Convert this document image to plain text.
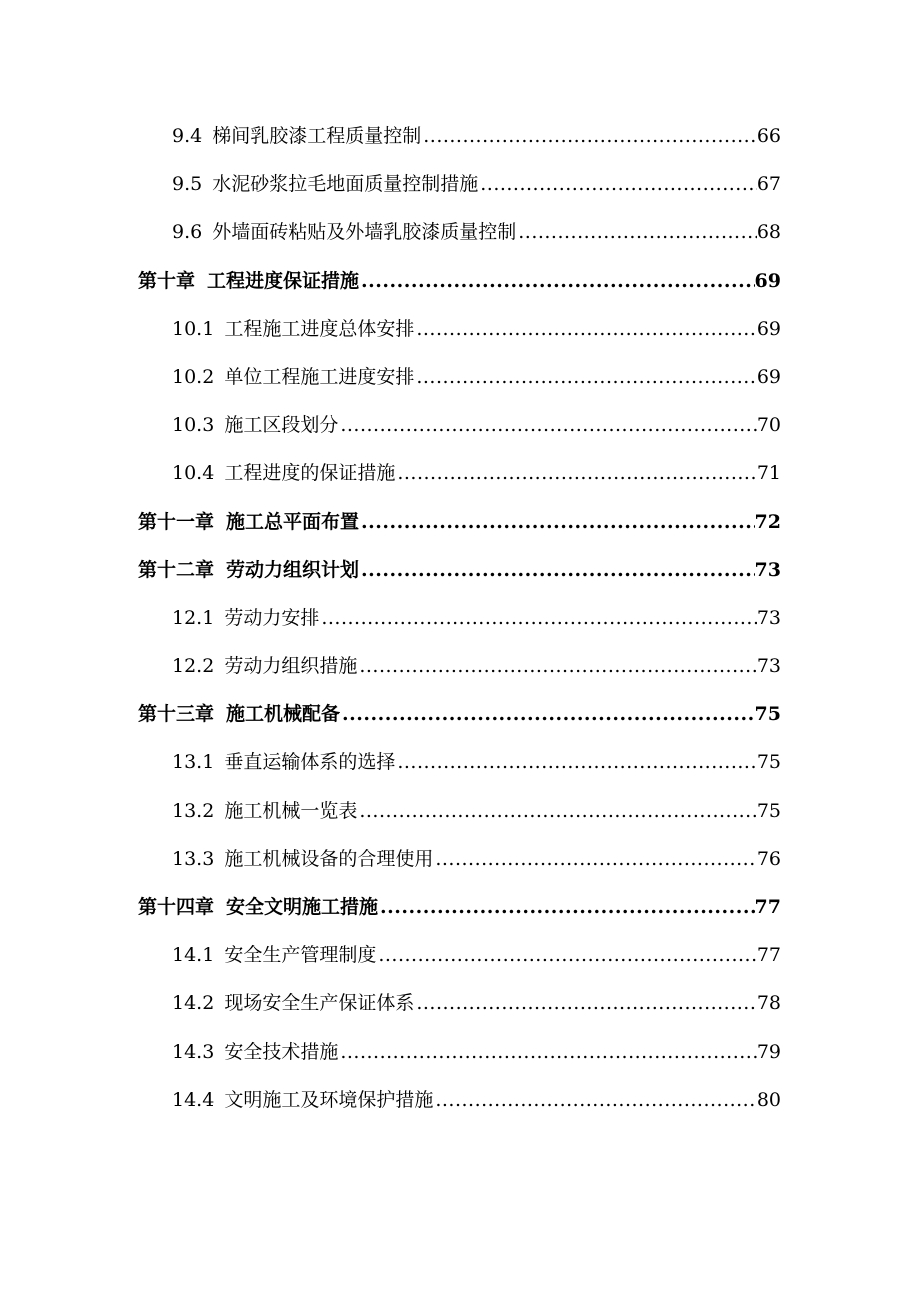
9.4 梯间乳胶漆工程质量控制 .....	66
9.5 水泥砂浆拉毛地面质量控制措施 .....	67
9.6 外墙面砖粘贴及外墙乳胶漆质量控制 .....	68
第十章 工程进度保证措施 .....	69
10.1 工程施工进度总体安排 .....	69
10.2 单位工程施工进度安排 .....	69
10.3 施工区段划分 .....	70
10.4 工程进度的保证措施 .....	71
第十一章 施工总平面布置 .....	72
第十二章 劳动力组织计划 .....	73
12.1 劳动力安排 .....	73
12.2 劳动力组织措施 .....	73
第十三章 施工机械配备 .....	75
13.1 垂直运输体系的选择 .....	75
13.2 施工机械一览表 .....	75
13.3 施工机械设备的合理使用 .....	76
第十四章 安全文明施工措施 .....	77
14.1 安全生产管理制度 .....	77
14.2 现场安全生产保证体系 .....	78
14.3 安全技术措施 .....	79
14.4 文明施工及环境保护措施 .....	80
